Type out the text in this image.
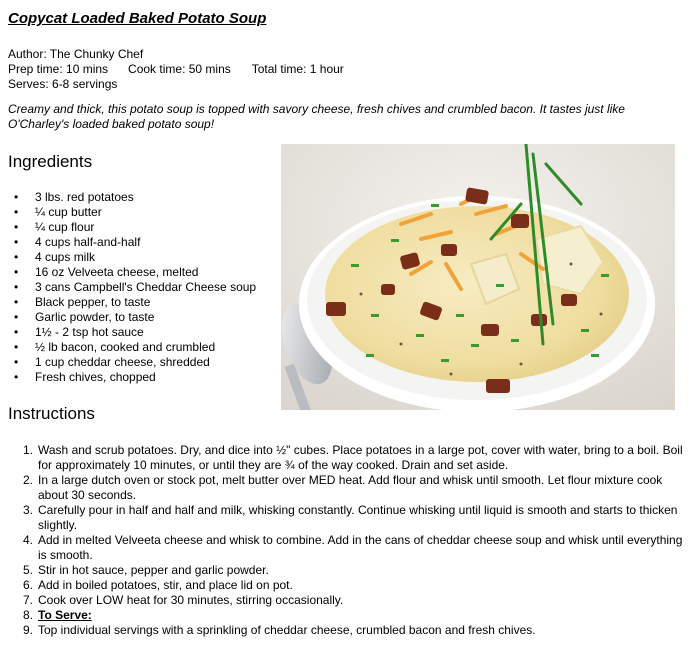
Copycat Loaded Baked Potato Soup
Author: The Chunky Chef
Prep time: 10 mins Cook time: 50 mins Total time: 1 hour
Serves: 6-8 servings

Creamy and thick, this potato soup is topped with savory cheese, fresh chives and crumbled bacon. It tastes just like O'Charley's loaded baked potato soup!

Ingredients
• 3 lbs. red potatoes
• ¼ cup butter
• ¼ cup flour
• 4 cups half-and-half
• 4 cups milk
• 16 oz Velveeta cheese, melted
• 3 cans Campbell's Cheddar Cheese soup
• Black pepper, to taste
• Garlic powder, to taste
• 1½ - 2 tsp hot sauce
• ½ lb bacon, cooked and crumbled
• 1 cup cheddar cheese, shredded
• Fresh chives, chopped
Instructions
1. Wash and scrub potatoes. Dry, and dice into ½" cubes. Place potatoes in a large pot, cover with water, bring to a boil. Boil for approximately 10 minutes, or until they are ¾ of the way cooked. Drain and set aside.
2. In a large dutch oven or stock pot, melt butter over MED heat. Add flour and whisk until smooth. Let flour mixture cook about 30 seconds.
3. Carefully pour in half and half and milk, whisking constantly. Continue whisking until liquid is smooth and starts to thicken slightly.
4. Add in melted Velveeta cheese and whisk to combine. Add in the cans of cheddar cheese soup and whisk until everything is smooth.
5. Stir in hot sauce, pepper and garlic powder.
6. Add in boiled potatoes, stir, and place lid on pot.
7. Cook over LOW heat for 30 minutes, stirring occasionally.
8. To Serve:
9. Top individual servings with a sprinkling of cheddar cheese, crumbled bacon and fresh chives.
